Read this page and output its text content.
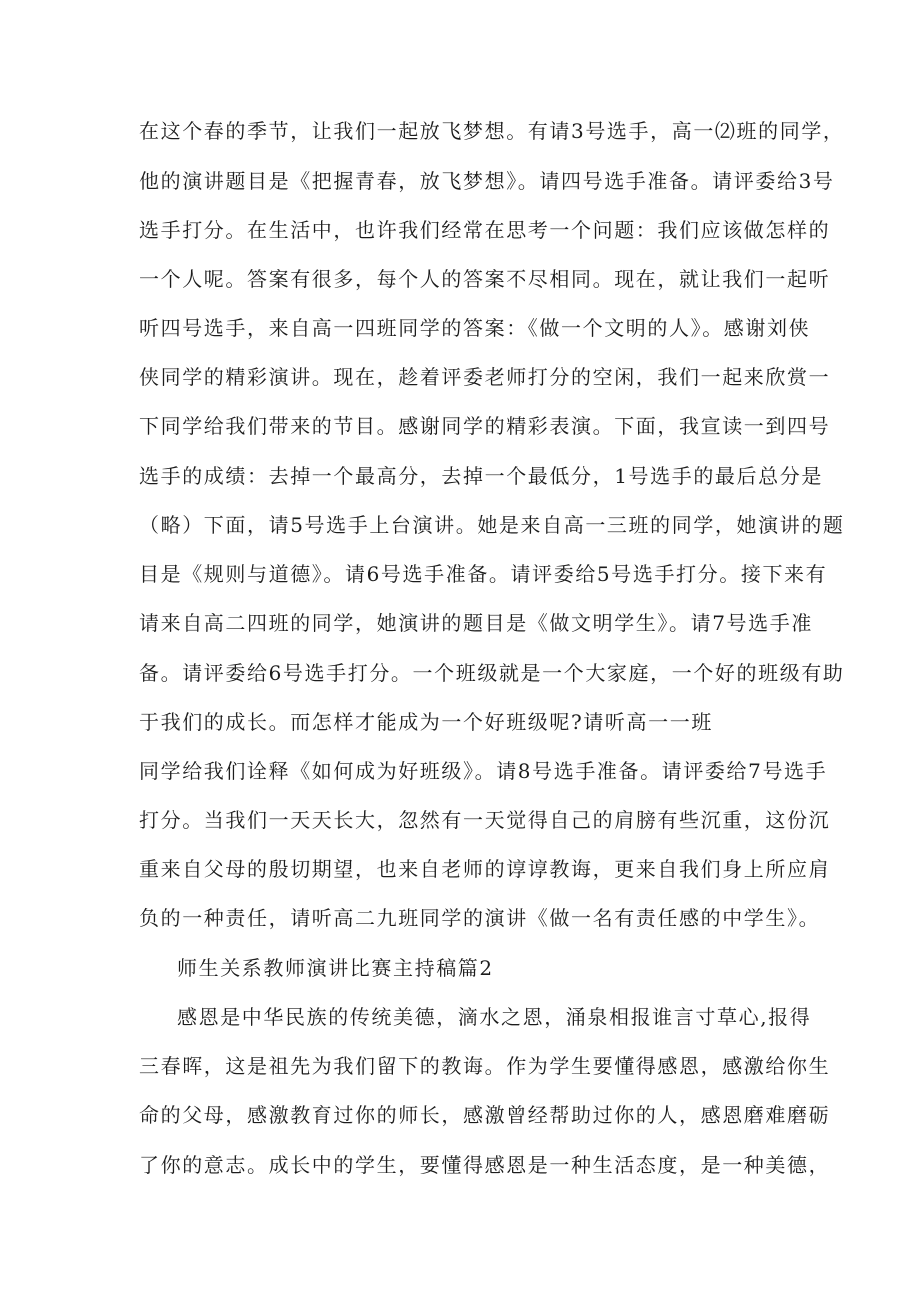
在这个春的季节，让我们一起放飞梦想。有请3号选手，高一⑵班的同学，

他的演讲题目是《把握青春，放飞梦想》。请四号选手准备。请评委给3号

选手打分。在生活中，也许我们经常在思考一个问题：我们应该做怎样的

一个人呢。答案有很多，每个人的答案不尽相同。现在，就让我们一起听

听四号选手，来自高一四班同学的答案：《做一个文明的人》。感谢刘侠

侠同学的精彩演讲。现在，趁着评委老师打分的空闲，我们一起来欣赏一

下同学给我们带来的节目。感谢同学的精彩表演。下面，我宣读一到四号

选手的成绩：去掉一个最高分，去掉一个最低分，1号选手的最后总分是

（略）下面，请5号选手上台演讲。她是来自高一三班的同学，她演讲的题

目是《规则与道德》。请6号选手准备。请评委给5号选手打分。接下来有

请来自高二四班的同学，她演讲的题目是《做文明学生》。请7号选手准

备。请评委给6号选手打分。一个班级就是一个大家庭，一个好的班级有助

于我们的成长。而怎样才能成为一个好班级呢?请听高一一班

同学给我们诠释《如何成为好班级》。请8号选手准备。请评委给7号选手

打分。当我们一天天长大，忽然有一天觉得自己的肩膀有些沉重，这份沉

重来自父母的殷切期望，也来自老师的谆谆教诲，更来自我们身上所应肩

负的一种责任，请听高二九班同学的演讲《做一名有责任感的中学生》。

师生关系教师演讲比赛主持稿篇2

感恩是中华民族的传统美德，滴水之恩，涌泉相报谁言寸草心,报得

三春晖，这是祖先为我们留下的教诲。作为学生要懂得感恩，感激给你生

命的父母，感激教育过你的师长，感激曾经帮助过你的人，感恩磨难磨砺

了你的意志。成长中的学生，要懂得感恩是一种生活态度，是一种美德，
